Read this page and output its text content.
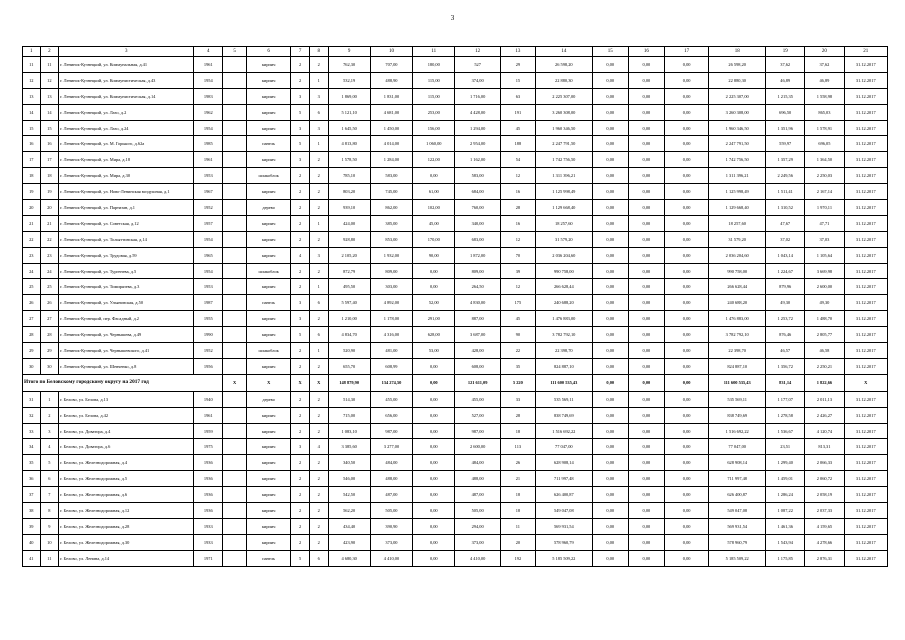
3
1	2	3	4	5	6	7	8	9	10	11	12	13	14	15	16	17	18	19	20	21
11	11	г. Ленинск-Кузнецкий, ул. Коммунальная, д.41	1961		кирпич	2	2	762,30	707,00	180,00	527	29	26 598,20	0,00	0,00	0,00	26 598,20	37,62	37,62	31.12.2017
12	12	г. Ленинск-Кузнецкий, ул. Коммунистическая, д.43	1954		кирпич	2	1	532,19	488,90	115,00	374,00	15	22 880,30	0,00	0,00	0,00	22 880,30	46,89	46,89	31.12.2017
13	13	г. Ленинск-Кузнецкий, ул. Коммунистическая, д.14	1983		кирпич	3	3	1 869,00	1 831,00	115,00	1 716,00	63	2 225 307,00	0,00	0,00	0,00	2 225 307,00	1 215,35	1 558,98	31.12.2017
14	14	г. Ленинск-Кузнецкий, ул. Лазо, д.2	1962		кирпич	5	6	5 121,10	4 681,00	253,00	4 428,00	191	3 260 308,00	0,00	0,00	0,00	3 260 308,00	696,50	865,03	31.12.2017
15	15	г. Ленинск-Кузнецкий, ул. Лазо, д.24	1954		кирпич	3	3	1 645,50	1 450,00	156,00	1 294,00	45	1 960 346,50	0,00	0,00	0,00	1 960 346,50	1 351,96	1 578,91	31.12.2017
16	16	г. Ленинск-Кузнецкий, ул. М. Горького, д.62а	1985		панель	5	1	4 813,80	4 014,00	1 060,00	2 954,00	188	2 247 791,50	0,00	0,00	0,00	2 247 791,50	559,97	696,05	31.12.2017
17	17	г. Ленинск-Кузнецкий, ул. Мира, д.18	1961		кирпич	3	2	1 578,50	1 284,00	122,00	1 162,00	54	1 742 756,50	0,00	0,00	0,00	1 742 756,50	1 357,29	1 364,50	31.12.2017
18	18	г. Ленинск-Кузнецкий, ул. Мира, д.30	1953		шлакоблок	2	2	785,10	583,00	0,00	583,00	12	1 311 396,21	0,00	0,00	0,00	1 311 396,21	2 249,56	2 250,03	31.12.2017
19	19	г. Ленинск-Кузнецкий, ул. Ново-Ленинская воздушная, д.1	1967		кирпич	2	2	803,20	745,00	61,00	684,00	16	1 125 998,49	0,00	0,00	0,00	1 125 998,49	1 511,41	2 167,14	31.12.2017
20	20	г. Ленинск-Кузнецкий, ул. Партизан, д.1	1952		дерево	2	2	939,10	862,00	102,00	760,00	28	1 129 668,40	0,00	0,00	0,00	1 129 668,40	1 310,52	1 970,11	31.12.2017
21	21	г. Ленинск-Кузнецкий, ул. Советская, д.12	1957		кирпич	2	1	424,00	385,00	45,00	340,00	16	18 257,60	0,00	0,00	0,00	18 257,60	47,67	47,71	31.12.2017
22	22	г. Ленинск-Кузнецкий, ул. Тольяттинская, д.14	1954		кирпич	2	2	928,80	853,00	170,00	683,00	12	31 579,20	0,00	0,00	0,00	31 579,20	37,02	37,03	31.12.2017
23	23	г. Ленинск-Кузнецкий, ул. Трудовая, д.59	1965		кирпич	4	3	2 105,20	1 932,00	90,00	1 872,00	70	2 036 204,60	0,00	0,00	0,00	2 036 204,60	1 043,14	1 105,64	31.12.2017
24	24	г. Ленинск-Кузнецкий, ул. Тургенева, д.5	1954		шлакоблок	2	2	872,79	809,00	0,00	809,00	39	990 758,00	0,00	0,00	0,00	990 758,00	1 224,67	3 669,98	31.12.2017
25	25	г. Ленинск-Кузнецкий, ул. Тимирязева, д.3	1953		кирпич	2	1	495,50	303,00	0,00	264,50	12	266 628,44	0,00	0,00	0,00	266 628,44	879,96	2 600,00	31.12.2017
26	26	г. Ленинск-Кузнецкий, ул. Ульяновская, д.50	1987		панель	3	6	5 597,40	4 892,00	52,00	4 830,00	175	240 688,20	0,00	0,00	0,00	240 688,20	49,30	49,30	31.12.2017
27	27	г. Ленинск-Кузнецкий, пер. Фасадный, д.2	1955		кирпич	3	2	1 210,00	1 178,00	291,00	887,00	45	1 476 883,00	0,00	0,00	0,00	1 476 883,00	1 253,72	1 488,70	31.12.2017
28	28	г. Ленинск-Кузнецкий, ул. Чернышева, д.49	1990		кирпич	5	6	4 834,70	4 316,00	628,00	3 687,00	90	3 782 792,10	0,00	0,00	0,00	3 782 792,10	876,46	2 805,77	31.12.2017
29	29	г. Ленинск-Кузнецкий, ул. Чернышевского, д.41	1952		шлакоблок	2	1	520,90	481,00	53,00	428,00	22	22 398,70	0,00	0,00	0,00	22 398,70	46,57	46,58	31.12.2017
30	30	г. Ленинск-Кузнецкий, ул. Шевченко, д.8	1956		кирпич	2	2	655,70	608,99	0,00	608,00	35	824 887,10	0,00	0,00	0,00	824 887,10	1 356,72	2 250,21	31.12.2017
Итого по Беловскому городскому округу на 2017 год				X	X	X	X	148 879,90	134 274,50	0,00	121 611,09	5 220	111 600 535,43	0,00	0,00	0,00	111 600 535,43	831,14	1 822,66	X
31	1	г. Белово, ул. Белова, д.13	1940		дерево	2	2	514,30	455,00	0,00	455,00	33	535 569,11	0,00	0,00	0,00	535 569,11	1 177,07	2 011,13	31.12.2017
32	2	г. Белово, ул. Белова, д.42	1961		кирпич	2	2	715,00	656,00	0,00	527,00	28	838 749,69	0,00	0,00	0,00	838 749,69	1 278,58	2 426,27	31.12.2017
33	3	г. Белово, ул. Доватора, д.4	1959		кирпич	2	2	1 083,10	987,00	0,00	987,00	18	1 516 692,22	0,00	0,00	0,00	1 516 692,22	1 536,67	4 120,74	31.12.2017
34	4	г. Белово, ул. Доватора, д.6	1975		кирпич	3	4	3 385,60	3 277,00	0,00	2 600,00	113	77 047,00	0,00	0,00	0,00	77 047,00	23,51	813,31	31.12.2017
35	5	г. Белово, ул. Железнодорожная, д.4	1936		кирпич	2	2	340,50	484,00	0,00	484,00	26	628 908,14	0,00	0,00	0,00	628 908,14	1 299,40	2 066,33	31.12.2017
36	6	г. Белово, ул. Железнодорожная, д.5	1936		кирпич	2	2	546,00	488,00	0,00	488,00	21	711 997,48	0,00	0,00	0,00	711 997,48	1 459,01	2 060,72	31.12.2017
37	7	г. Белово, ул. Железнодорожная, д.6	1936		кирпич	2	2	542,50	487,00	0,00	487,00	18	626 400,87	0,00	0,00	0,00	626 400,87	1 286,24	2 058,19	31.12.2017
38	8	г. Белово, ул. Железнодорожная, д.12	1936		кирпич	2	2	562,20	505,00	0,00	505,00	18	549 047,08	0,00	0,00	0,00	549 047,08	1 087,22	2 037,33	31.12.2017
39	9	г. Белово, ул. Железнодорожная, д.28	1933		кирпич	2	2	434,40	390,90	0,00	294,00	11	569 931,54	0,00	0,00	0,00	569 931,54	1 461,36	4 159,65	31.12.2017
40	10	г. Белово, ул. Железнодорожная, д.30	1933		кирпич	2	2	423,90	373,00	0,00	373,00	20	578 960,79	0,00	0,00	0,00	578 960,79	1 543,94	4 278,66	31.12.2017
41	11	г. Белово, ул. Ленина, д.14	1971		панель	5	6	4 680,30	4 410,00	0,00	4 410,00	192	5 185 509,22	0,00	0,00	0,00	5 185 509,22	1 175,85	2 876,31	31.12.2017
